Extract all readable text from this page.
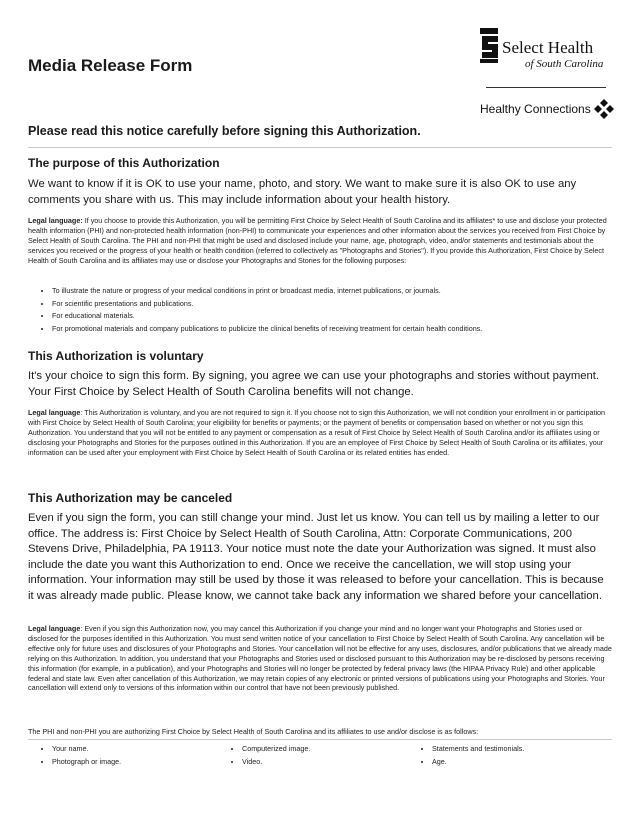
Media Release Form
Select Health
of South Carolina
Healthy Connections
Please read this notice carefully before signing this Authorization.
The purpose of this Authorization
We want to know if it is OK to use your name, photo, and story. We want to make sure it is also OK to use any comments you share with us. This may include information about your health history.
Legal language: If you choose to provide this Authorization, you will be permitting First Choice by Select Health of South Carolina and its affiliates* to use and disclose your protected health information (PHI) and non-protected health information (non-PHI) to communicate your experiences and other information about the services you received from First Choice by Select Health of South Carolina. The PHI and non-PHI that might be used and disclosed include your name, age, photograph, video, and/or statements and testimonials about the services you received or the progress of your health or health condition (referred to collectively as "Photographs and Stories"). If you provide this Authorization, First Choice by Select Health of South Carolina and its affiliates may use or disclose your Photographs and Stories for the following purposes:
• To illustrate the nature or progress of your medical conditions in print or broadcast media, internet publications, or journals.
• For scientific presentations and publications.
• For educational materials.
• For promotional materials and company publications to publicize the clinical benefits of receiving treatment for certain health conditions.
This Authorization is voluntary
It's your choice to sign this form. By signing, you agree we can use your photographs and stories without payment. Your First Choice by Select Health of South Carolina benefits will not change.
Legal language: This Authorization is voluntary, and you are not required to sign it. If you choose not to sign this Authorization, we will not condition your enrollment in or participation with First Choice by Select Health of South Carolina; your eligibility for benefits or payments; or the payment of benefits or compensation based on whether or not you sign this Authorization. You understand that you will not be entitled to any payment or compensation as a result of First Choice by Select Health of South Carolina and/or its affiliates using or disclosing your Photographs and Stories for the purposes outlined in this Authorization. If you are an employee of First Choice by Select Health of South Carolina or its affiliates, your information can be used after your employment with First Choice by Select Health of South Carolina or its related entities has ended.
This Authorization may be canceled
Even if you sign the form, you can still change your mind. Just let us know. You can tell us by mailing a letter to our office. The address is: First Choice by Select Health of South Carolina, Attn: Corporate Communications, 200 Stevens Drive, Philadelphia, PA 19113. Your notice must note the date your Authorization was signed. It must also include the date you want this Authorization to end. Once we receive the cancellation, we will stop using your information. Your information may still be used by those it was released to before your cancellation. This is because it was already made public. Please know, we cannot take back any information we shared before your cancellation.
Legal language: Even if you sign this Authorization now, you may cancel this Authorization if you change your mind and no longer want your Photographs and Stories used or disclosed for the purposes identified in this Authorization. You must send written notice of your cancellation to First Choice by Select Health of South Carolina. Any cancellation will be effective only for future uses and disclosures of your Photographs and Stories. Your cancellation will not be effective for any uses, disclosures, and/or publications that we already made relying on this Authorization. In addition, you understand that your Photographs and Stories used or disclosed pursuant to this Authorization may be re-disclosed by persons receiving this information (for example, in a publication), and your Photographs and Stories will no longer be protected by federal privacy laws (the HIPAA Privacy Rule) and other applicable federal and state law. Even after cancellation of this Authorization, we may retain copies of any electronic or printed versions of publications using your Photographs and Stories. Your cancellation will extend only to versions of this information within our control that have not been previously published.
The PHI and non-PHI you are authorizing First Choice by Select Health of South Carolina and its affiliates to use and/or disclose is as follows:
• Your name.
• Photograph or image.
• Computerized image.
• Video.
• Statements and testimonials.
• Age.
